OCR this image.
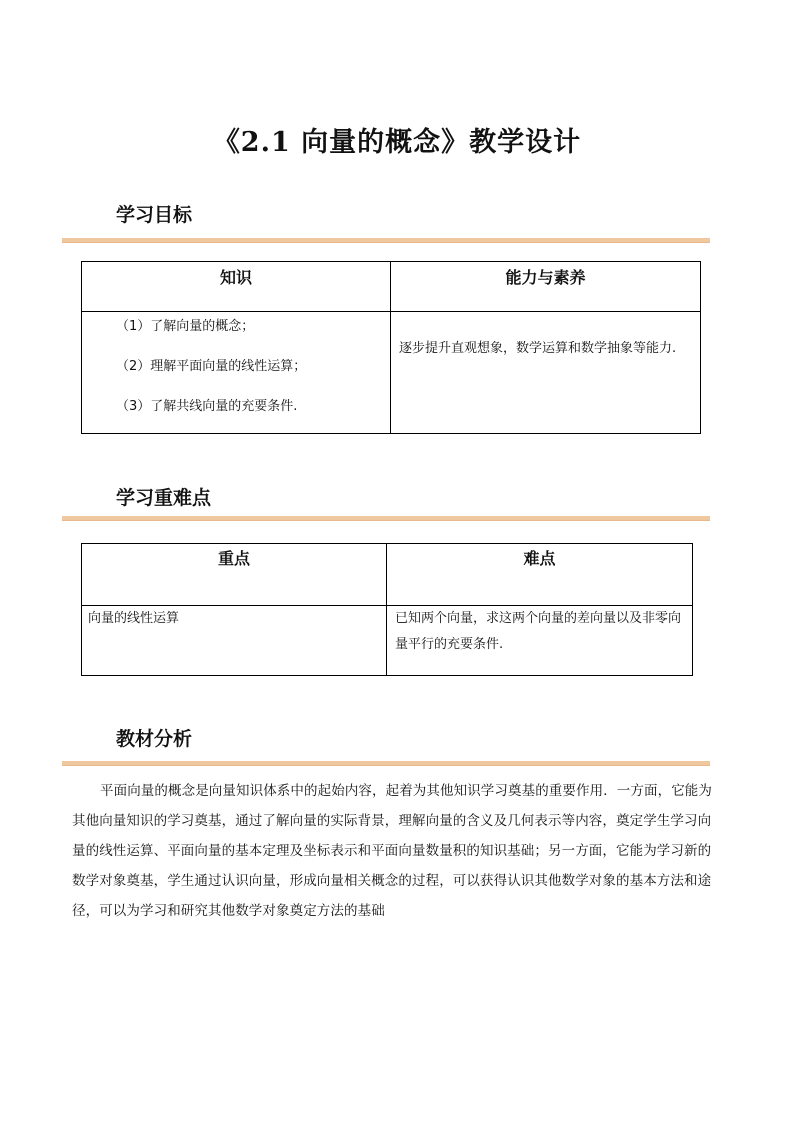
《2.1 向量的概念》教学设计
学习目标
知识	能力与素养

（1）了解向量的概念；
（2）理解平面向量的线性运算；
（3）了解共线向量的充要条件.	逐步提升直观想象，数学运算和数学抽象等能力.
学习重难点
重点	难点

向量的线性运算	已知两个向量，求这两个向量的差向量以及非零向量平行的充要条件.
教材分析
平面向量的概念是向量知识体系中的起始内容，起着为其他知识学习奠基的重要作用．一方面，它能为其他向量知识的学习奠基，通过了解向量的实际背景，理解向量的含义及几何表示等内容，奠定学生学习向量的线性运算、平面向量的基本定理及坐标表示和平面向量数量积的知识基础；另一方面，它能为学习新的数学对象奠基，学生通过认识向量，形成向量相关概念的过程，可以获得认识其他数学对象的基本方法和途径，可以为学习和研究其他数学对象奠定方法的基础
